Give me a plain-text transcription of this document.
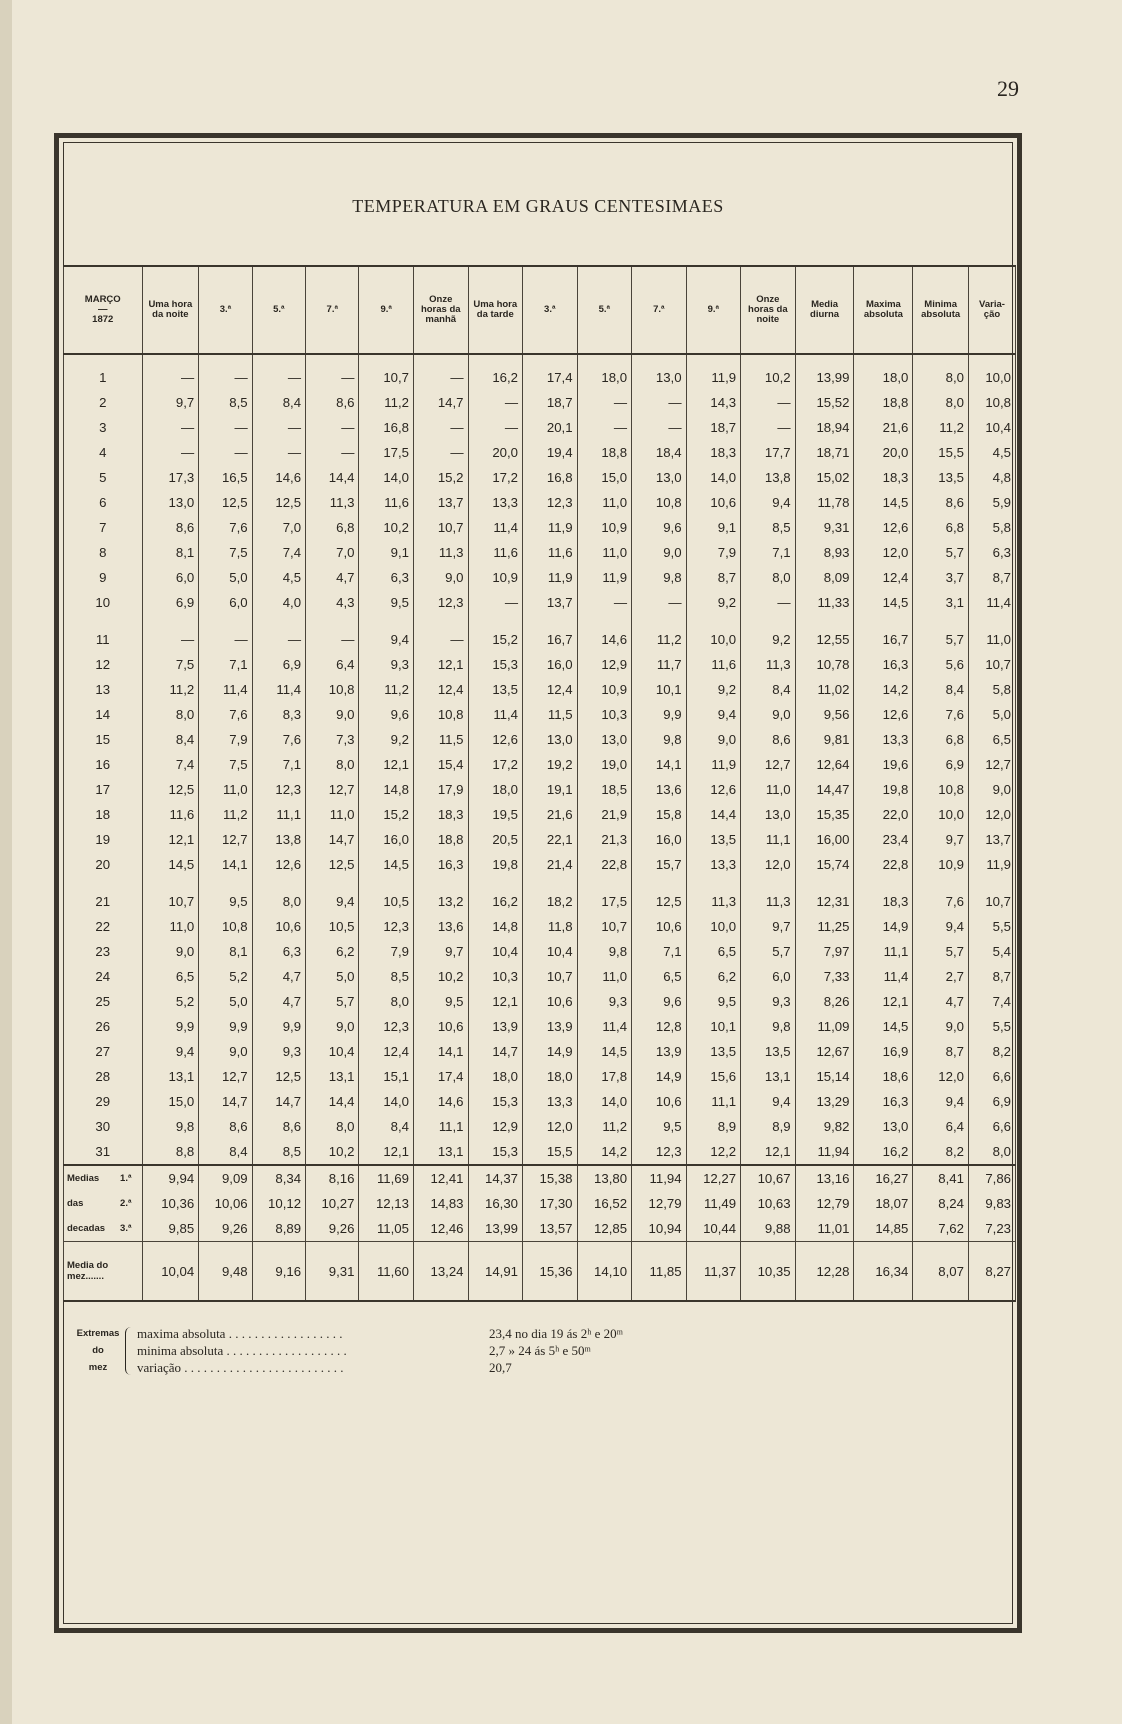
29
TEMPERATURA EM GRAUS CENTESIMAES
MARÇO
—
1872	Uma hora da noite	3.ª	5.ª	7.ª	9.ª	Onze horas da manhã	Uma hora da tarde	3.ª	5.ª	7.ª	9.ª	Onze horas da noite	Media diurna	Maxima absoluta	Minima absoluta	Varia-ção
1	—	—	—	—	10,7	—	16,2	17,4	18,0	13,0	11,9	10,2	13,99	18,0	8,0	10,0
2	9,7	8,5	8,4	8,6	11,2	14,7	—	18,7	—	—	14,3	—	15,52	18,8	8,0	10,8
3	—	—	—	—	16,8	—	—	20,1	—	—	18,7	—	18,94	21,6	11,2	10,4
4	—	—	—	—	17,5	—	20,0	19,4	18,8	18,4	18,3	17,7	18,71	20,0	15,5	4,5
5	17,3	16,5	14,6	14,4	14,0	15,2	17,2	16,8	15,0	13,0	14,0	13,8	15,02	18,3	13,5	4,8
6	13,0	12,5	12,5	11,3	11,6	13,7	13,3	12,3	11,0	10,8	10,6	9,4	11,78	14,5	8,6	5,9
7	8,6	7,6	7,0	6,8	10,2	10,7	11,4	11,9	10,9	9,6	9,1	8,5	9,31	12,6	6,8	5,8
8	8,1	7,5	7,4	7,0	9,1	11,3	11,6	11,6	11,0	9,0	7,9	7,1	8,93	12,0	5,7	6,3
9	6,0	5,0	4,5	4,7	6,3	9,0	10,9	11,9	11,9	9,8	8,7	8,0	8,09	12,4	3,7	8,7
10	6,9	6,0	4,0	4,3	9,5	12,3	—	13,7	—	—	9,2	—	11,33	14,5	3,1	11,4
11	—	—	—	—	9,4	—	15,2	16,7	14,6	11,2	10,0	9,2	12,55	16,7	5,7	11,0
12	7,5	7,1	6,9	6,4	9,3	12,1	15,3	16,0	12,9	11,7	11,6	11,3	10,78	16,3	5,6	10,7
13	11,2	11,4	11,4	10,8	11,2	12,4	13,5	12,4	10,9	10,1	9,2	8,4	11,02	14,2	8,4	5,8
14	8,0	7,6	8,3	9,0	9,6	10,8	11,4	11,5	10,3	9,9	9,4	9,0	9,56	12,6	7,6	5,0
15	8,4	7,9	7,6	7,3	9,2	11,5	12,6	13,0	13,0	9,8	9,0	8,6	9,81	13,3	6,8	6,5
16	7,4	7,5	7,1	8,0	12,1	15,4	17,2	19,2	19,0	14,1	11,9	12,7	12,64	19,6	6,9	12,7
17	12,5	11,0	12,3	12,7	14,8	17,9	18,0	19,1	18,5	13,6	12,6	11,0	14,47	19,8	10,8	9,0
18	11,6	11,2	11,1	11,0	15,2	18,3	19,5	21,6	21,9	15,8	14,4	13,0	15,35	22,0	10,0	12,0
19	12,1	12,7	13,8	14,7	16,0	18,8	20,5	22,1	21,3	16,0	13,5	11,1	16,00	23,4	9,7	13,7
20	14,5	14,1	12,6	12,5	14,5	16,3	19,8	21,4	22,8	15,7	13,3	12,0	15,74	22,8	10,9	11,9
21	10,7	9,5	8,0	9,4	10,5	13,2	16,2	18,2	17,5	12,5	11,3	11,3	12,31	18,3	7,6	10,7
22	11,0	10,8	10,6	10,5	12,3	13,6	14,8	11,8	10,7	10,6	10,0	9,7	11,25	14,9	9,4	5,5
23	9,0	8,1	6,3	6,2	7,9	9,7	10,4	10,4	9,8	7,1	6,5	5,7	7,97	11,1	5,7	5,4
24	6,5	5,2	4,7	5,0	8,5	10,2	10,3	10,7	11,0	6,5	6,2	6,0	7,33	11,4	2,7	8,7
25	5,2	5,0	4,7	5,7	8,0	9,5	12,1	10,6	9,3	9,6	9,5	9,3	8,26	12,1	4,7	7,4
26	9,9	9,9	9,9	9,0	12,3	10,6	13,9	13,9	11,4	12,8	10,1	9,8	11,09	14,5	9,0	5,5
27	9,4	9,0	9,3	10,4	12,4	14,1	14,7	14,9	14,5	13,9	13,5	13,5	12,67	16,9	8,7	8,2
28	13,1	12,7	12,5	13,1	15,1	17,4	18,0	18,0	17,8	14,9	15,6	13,1	15,14	18,6	12,0	6,6
29	15,0	14,7	14,7	14,4	14,0	14,6	15,3	13,3	14,0	10,6	11,1	9,4	13,29	16,3	9,4	6,9
30	9,8	8,6	8,6	8,0	8,4	11,1	12,9	12,0	11,2	9,5	8,9	8,9	9,82	13,0	6,4	6,6
31	8,8	8,4	8,5	10,2	12,1	13,1	15,3	15,5	14,2	12,3	12,2	12,1	11,94	16,2	8,2	8,0
Medias 1.ª	9,94	9,09	8,34	8,16	11,69	12,41	14,37	15,38	13,80	11,94	12,27	10,67	13,16	16,27	8,41	7,86
das 2.ª	10,36	10,06	10,12	10,27	12,13	14,83	16,30	17,30	16,52	12,79	11,49	10,63	12,79	18,07	8,24	9,83
decadas 3.ª	9,85	9,26	8,89	9,26	11,05	12,46	13,99	13,57	12,85	10,94	10,44	9,88	11,01	14,85	7,62	7,23

Media do
mez.......	10,04	9,48	9,16	9,31	11,60	13,24	14,91	15,36	14,10	11,85	11,37	10,35	12,28	16,34	8,07	8,27
Extremas
do
mez
maxima absoluta . . . . . . . . . . . . . . . . . .	23,4 no dia 19 ás 2ʰ e 20ᵐ
minima absoluta . . . . . . . . . . . . . . . . . . .	2,7 » 24 ás 5ʰ e 50ᵐ
variação . . . . . . . . . . . . . . . . . . . . . . . . .	20,7
